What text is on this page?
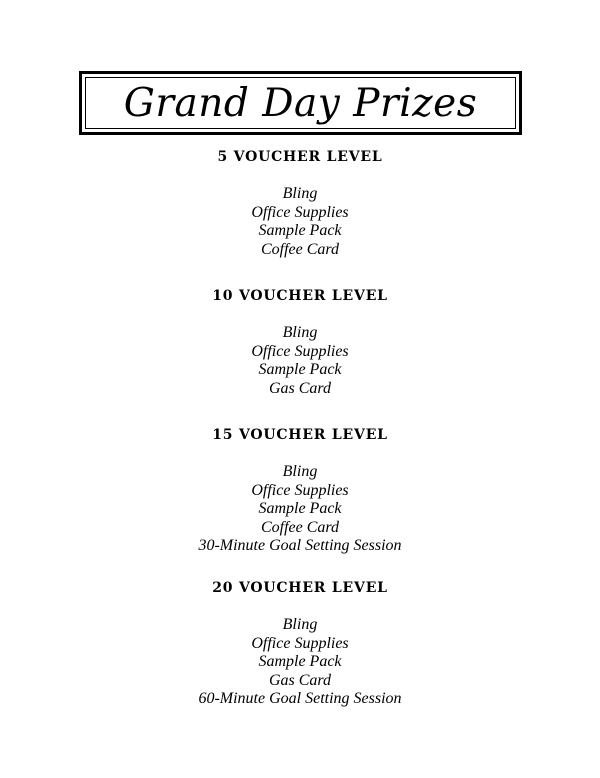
Grand Day Prizes
5 VOUCHER LEVEL
Bling
Office Supplies
Sample Pack
Coffee Card
10 VOUCHER LEVEL
Bling
Office Supplies
Sample Pack
Gas Card
15 VOUCHER LEVEL
Bling
Office Supplies
Sample Pack
Coffee Card
30-Minute Goal Setting Session
20 VOUCHER LEVEL
Bling
Office Supplies
Sample Pack
Gas Card
60-Minute Goal Setting Session
